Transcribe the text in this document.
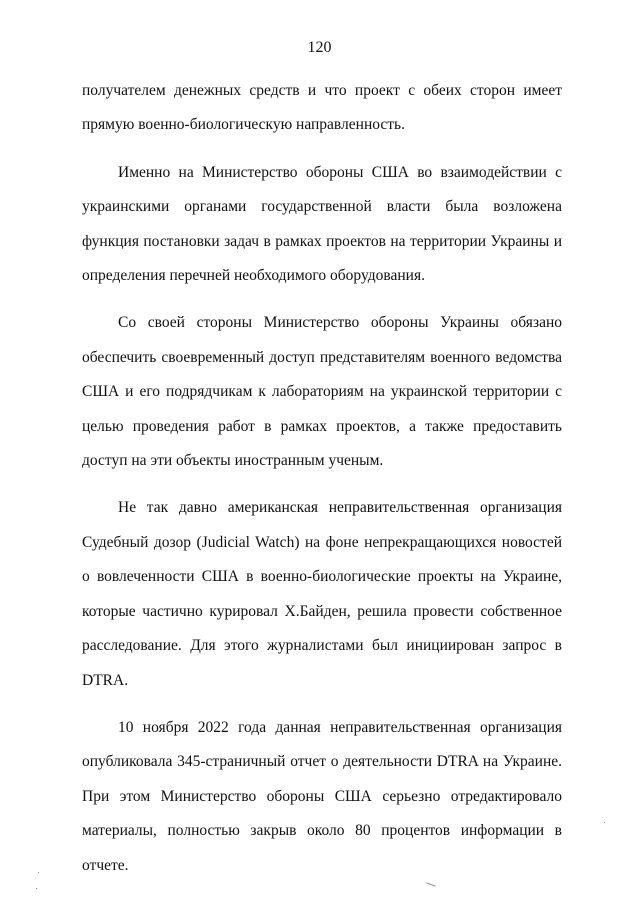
120

получателем денежных средств и что проект с обеих сторон имеет прямую военно-биологическую направленность.

Именно на Министерство обороны США во взаимодействии с украинскими органами государственной власти была возложена функция постановки задач в рамках проектов на территории Украины и определения перечней необходимого оборудования.

Со своей стороны Министерство обороны Украины обязано обеспечить своевременный доступ представителям военного ведомства США и его подрядчикам к лабораториям на украинской территории с целью проведения работ в рамках проектов, а также предоставить доступ на эти объекты иностранным ученым.

Не так давно американская неправительственная организация Судебный дозор (Judicial Watch) на фоне непрекращающихся новостей о вовлеченности США в военно-биологические проекты на Украине, которые частично курировал Х.Байден, решила провести собственное расследование. Для этого журналистами был инициирован запрос в DTRA.

10 ноября 2022 года данная неправительственная организация опубликовала 345-страничный отчет о деятельности DTRA на Украине. При этом Министерство обороны США серьезно отредактировало материалы, полностью закрыв около 80 процентов информации в отчете.
